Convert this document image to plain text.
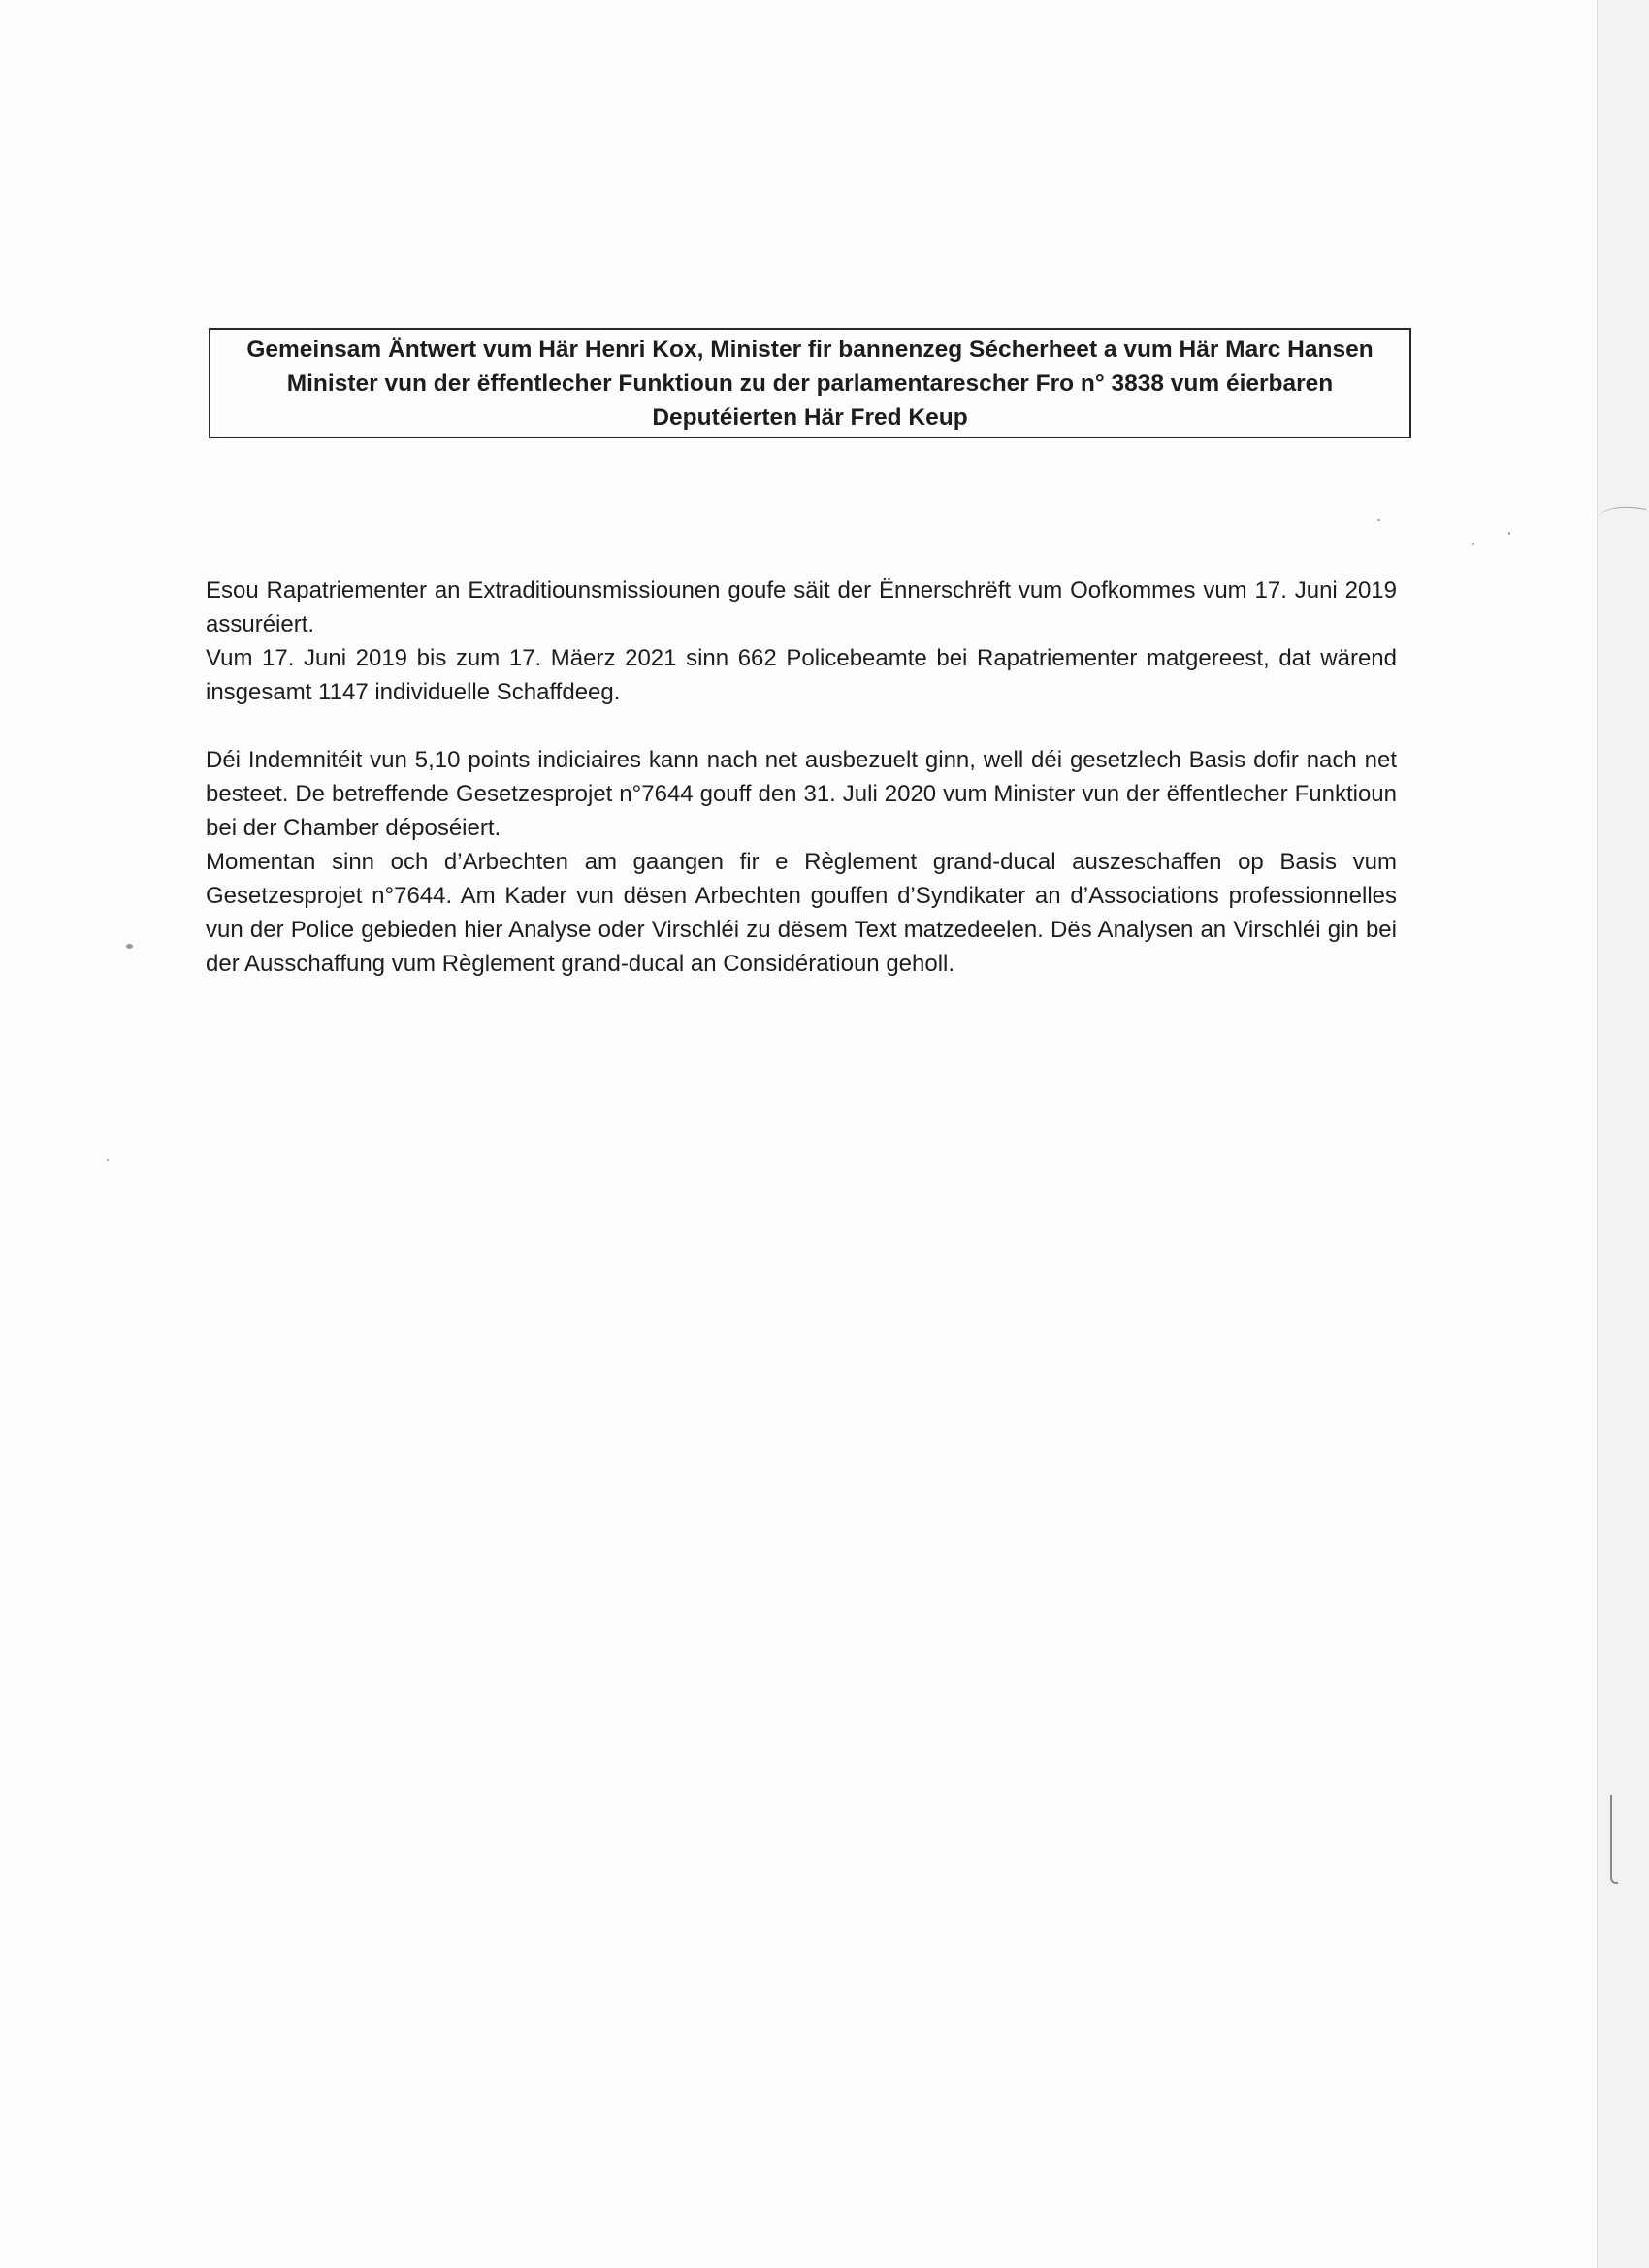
Gemeinsam Äntwert vum Här Henri Kox, Minister fir bannenzeg Sécherheet a vum Här Marc Hansen
Minister vun der ëffentlecher Funktioun zu der parlamentarescher Fro n° 3838 vum éierbaren
Deputéierten Här Fred Keup

Esou Rapatriementer an Extraditiounsmissiounen goufe säit der Ënnerschrëft vum Oofkommes vum 17. Juni 2019 assuréiert.

Vum 17. Juni 2019 bis zum 17. Mäerz 2021 sinn 662 Policebeamte bei Rapatriementer matgereest, dat wärend insgesamt 1147 individuelle Schaffdeeg.

Déi Indemnitéit vun 5,10 points indiciaires kann nach net ausbezuelt ginn, well déi gesetzlech Basis dofir nach net besteet. De betreffende Gesetzesprojet n°7644 gouff den 31. Juli 2020 vum Minister vun der ëffentlecher Funktioun bei der Chamber déposéiert.

Momentan sinn och d’Arbechten am gaangen fir e Règlement grand-ducal auszeschaffen op Basis vum Gesetzesprojet n°7644. Am Kader vun dësen Arbechten gouffen d’Syndikater an d’Associations professionnelles vun der Police gebieden hier Analyse oder Virschléi zu dësem Text matzedeelen. Dës Analysen an Virschléi gin bei der Ausschaffung vum Règlement grand-ducal an Considératioun geholl.
